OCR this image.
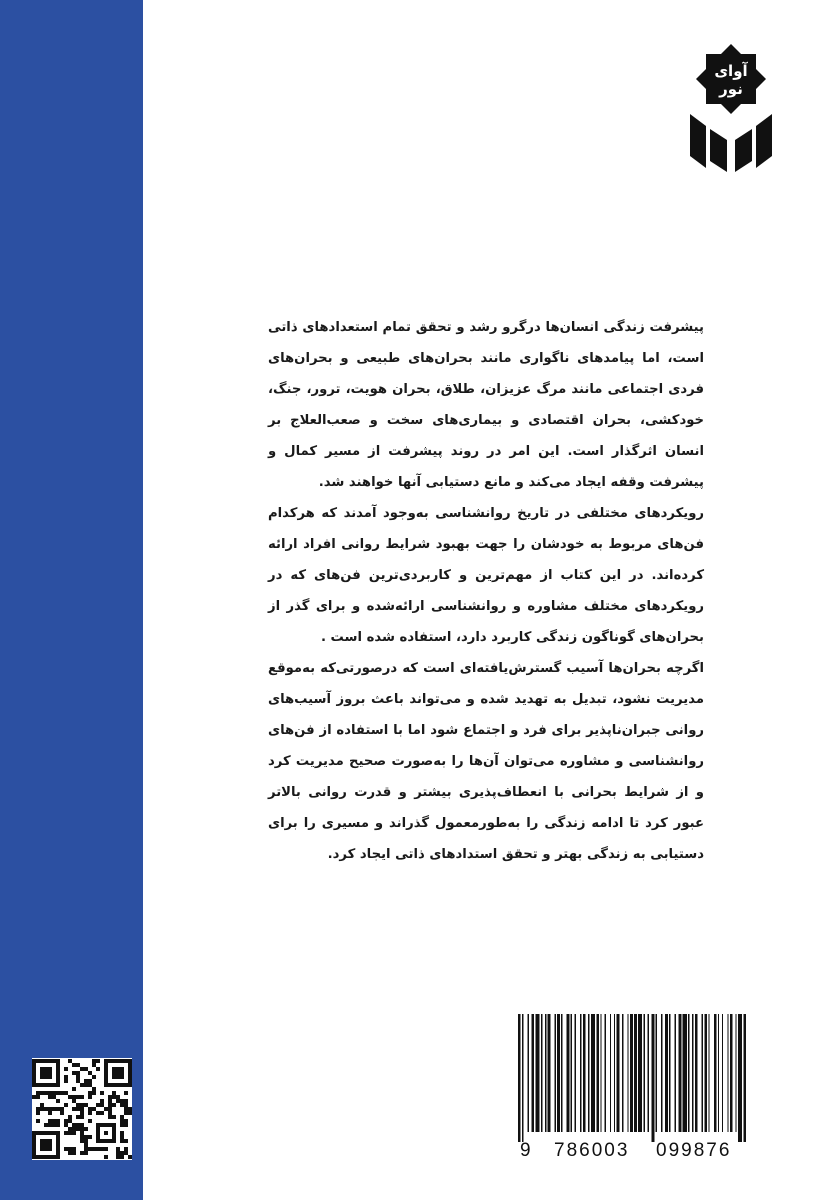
آوای
نور

پیشرفت زندگی انسان‌ها درگرو رشد و تحقق تمام استعدادهای ذاتی است، اما پیامدهای ناگواری مانند بحران‌های طبیعی و بحران‌های فردی اجتماعی مانند مرگ عزیزان، طلاق، بحران هویت، ترور، جنگ، خودکشی، بحران اقتصادی و بیماری‌های سخت و صعب‌العلاج بر انسان اثرگذار است. این امر در روند پیشرفت از مسیر کمال و پیشرفت وقفه ایجاد می‌کند و مانع دستیابی آنها خواهند شد.

رویکردهای مختلفی در تاریخ روانشناسی به‌وجود آمدند که هرکدام فن‌های مربوط به خودشان را جهت بهبود شرایط روانی افراد ارائه کرده‌اند. در این کتاب از مهم‌ترین و کاربردی‌ترین فن‌های که در رویکردهای مختلف مشاوره و روانشناسی ارائه‌شده و برای گذر از بحران‌های گوناگون زندگی کاربرد دارد، استفاده شده است .

اگرچه بحران‌ها آسیب گسترش‌یافته‌ای است که درصورتی‌که به‌موقع مدیریت نشود، تبدیل به تهدید شده و می‌تواند باعث بروز آسیب‌های روانی جبران‌ناپذیر برای فرد و اجتماع شود اما با استفاده از فن‌های روانشناسی و مشاوره می‌توان آن‌ها را به‌صورت صحیح مدیریت کرد و از شرایط بحرانی با انعطاف‌پذیری بیشتر و قدرت روانی بالاتر عبور کرد تا ادامه زندگی را به‌طورمعمول گذراند و مسیری را برای دستیابی به زندگی بهتر و تحقق استدادهای ذاتی ایجاد کرد.

9 786003 099876
